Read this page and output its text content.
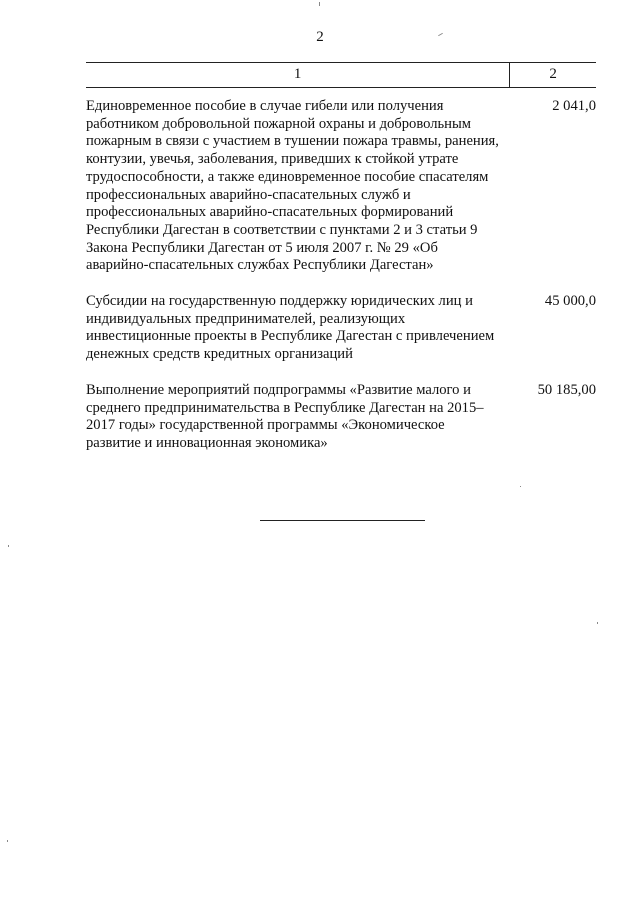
2
1	2
Единовременное пособие в случае гибели или получения работником добровольной пожарной охраны и добровольным пожарным в связи с участием в тушении пожара травмы, ранения, контузии, увечья, заболевания, приведших к стойкой утрате трудоспособности, а также единовременное пособие спасателям профессиональных аварийно-спасательных служб и профессиональных аварийно-спасательных формирований Республики Дагестан в соответствии с пунктами 2 и 3 статьи 9 Закона Республики Дагестан от 5 июля 2007 г. № 29 «Об аварийно-спасательных службах Республики Дагестан»	2 041,0
Субсидии на государственную поддержку юридических лиц и индивидуальных предпринимателей, реализующих инвестиционные проекты в Республике Дагестан с привлечением денежных средств кредитных организаций	45 000,0
Выполнение мероприятий подпрограммы «Развитие малого и среднего предпринимательства в Республике Дагестан на 2015–2017 годы» государственной программы «Экономическое развитие и инновационная экономика»	50 185,00
